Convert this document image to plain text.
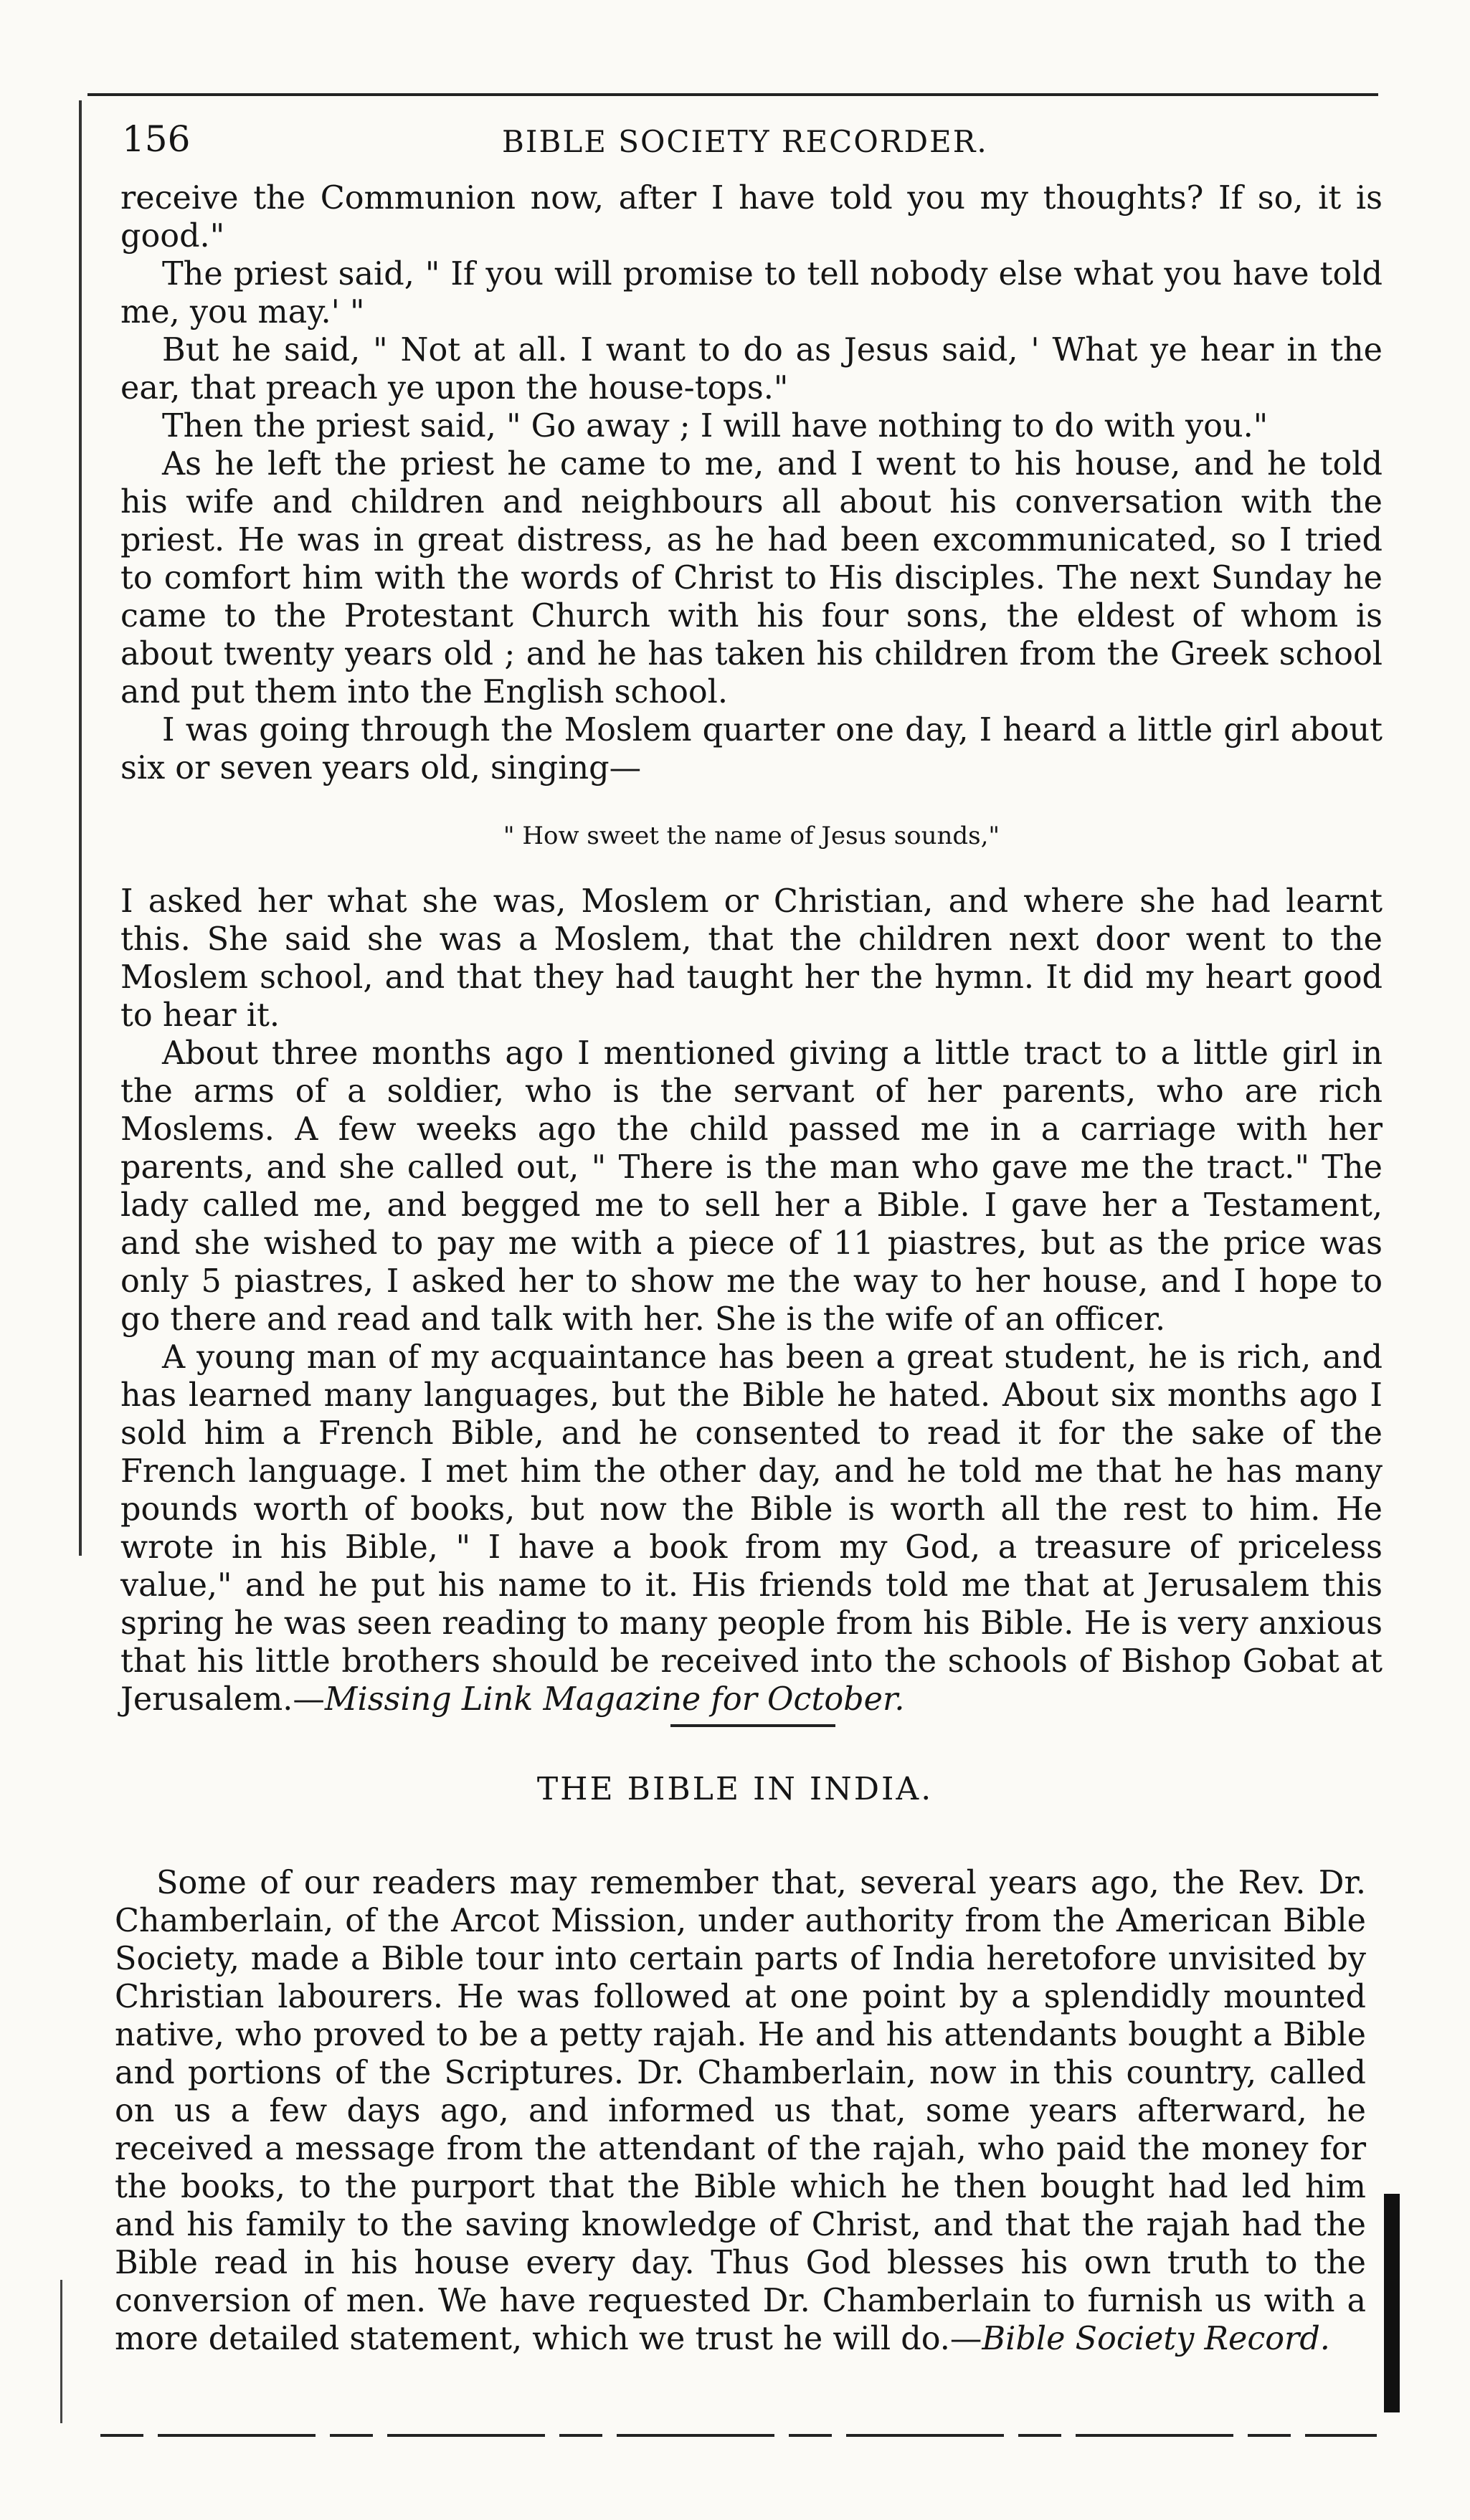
156	BIBLE SOCIETY RECORDER.

receive the Communion now, after I have told you my thoughts? If so, it is good."

The priest said, " If you will promise to tell nobody else what you have told me, you may.' "

But he said, " Not at all. I want to do as Jesus said, ' What ye hear in the ear, that preach ye upon the house-tops."

Then the priest said, " Go away ; I will have nothing to do with you."

As he left the priest he came to me, and I went to his house, and he told his wife and children and neighbours all about his conversation with the priest. He was in great distress, as he had been excommunicated, so I tried to comfort him with the words of Christ to His disciples. The next Sunday he came to the Protestant Church with his four sons, the eldest of whom is about twenty years old ; and he has taken his children from the Greek school and put them into the English school.

I was going through the Moslem quarter one day, I heard a little girl about six or seven years old, singing—

" How sweet the name of Jesus sounds,"

I asked her what she was, Moslem or Christian, and where she had learnt this. She said she was a Moslem, that the children next door went to the Moslem school, and that they had taught her the hymn. It did my heart good to hear it.

About three months ago I mentioned giving a little tract to a little girl in the arms of a soldier, who is the servant of her parents, who are rich Moslems. A few weeks ago the child passed me in a carriage with her parents, and she called out, " There is the man who gave me the tract." The lady called me, and begged me to sell her a Bible. I gave her a Testament, and she wished to pay me with a piece of 11 piastres, but as the price was only 5 piastres, I asked her to show me the way to her house, and I hope to go there and read and talk with her. She is the wife of an officer.

A young man of my acquaintance has been a great student, he is rich, and has learned many languages, but the Bible he hated. About six months ago I sold him a French Bible, and he consented to read it for the sake of the French language. I met him the other day, and he told me that he has many pounds worth of books, but now the Bible is worth all the rest to him. He wrote in his Bible, " I have a book from my God, a treasure of priceless value," and he put his name to it. His friends told me that at Jerusalem this spring he was seen reading to many people from his Bible. He is very anxious that his little brothers should be received into the schools of Bishop Gobat at Jerusalem.—Missing Link Magazine for October.

THE BIBLE IN INDIA.

Some of our readers may remember that, several years ago, the Rev. Dr. Chamberlain, of the Arcot Mission, under authority from the American Bible Society, made a Bible tour into certain parts of India heretofore unvisited by Christian labourers. He was followed at one point by a splendidly mounted native, who proved to be a petty rajah. He and his attendants bought a Bible and portions of the Scriptures. Dr. Chamberlain, now in this country, called on us a few days ago, and informed us that, some years afterward, he received a message from the attendant of the rajah, who paid the money for the books, to the purport that the Bible which he then bought had led him and his family to the saving knowledge of Christ, and that the rajah had the Bible read in his house every day. Thus God blesses his own truth to the conversion of men. We have requested Dr. Chamberlain to furnish us with a more detailed statement, which we trust he will do.—Bible Society Record.
